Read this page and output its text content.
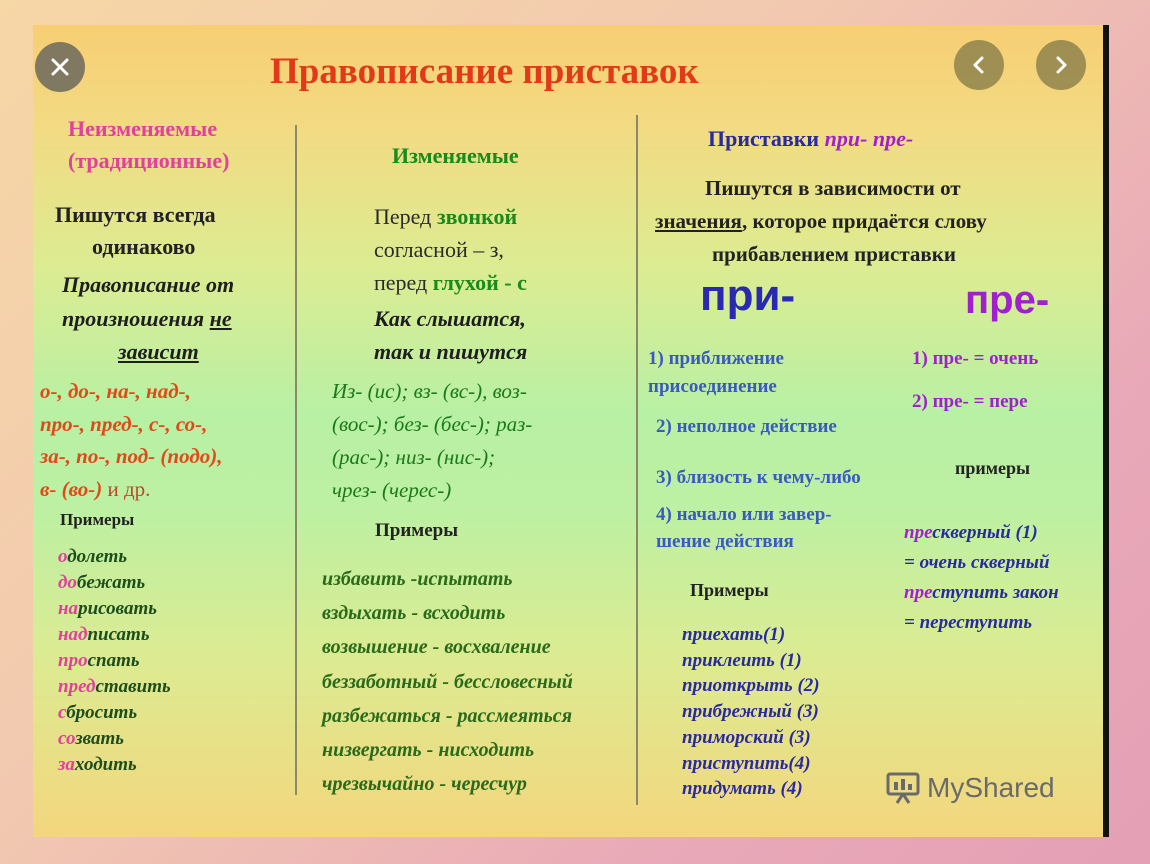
Правописание приставок
Неизменяемые
(традиционные)
Пишутся всегда
одинаково
Правописание от
произношения не
зависит
о-, до-, на-, над-,
про-, пред-, с-, со-,
за-, по-, под- (подо),
в- (во-) и др.
Примеры
одолеть
добежать
нарисовать
надписать
проспать
представить
сбросить
созвать
заходить
Изменяемые
Перед звонкой
согласной – з,
перед глухой - с
Как слышатся,
так и пишутся
Из- (ис); вз- (вс-), воз-
(вос-); без- (бес-); раз-
(рас-); низ- (нис-);
чрез- (черес-)
Примеры
избавить -испытать
вздыхать - всходить
возвышение - восхваление
беззаботный - бессловесный
разбежаться - рассмеяться
низвергать - нисходить
чрезвычайно - чересчур
Приставки при- пре-
Пишутся в зависимости от
значения, которое придаётся слову
прибавлением приставки
при-	пре-
1) приближение
присоединение
2) неполное действие
3) близость к чему-либо
4) начало или завер-
шение действия
1) пре- = очень
2) пре- = пере
примеры
прескверный (1)
= очень скверный
преступить закон
= переступить
Примеры
приехать(1)
приклеить (1)
приоткрыть (2)
прибрежный (3)
приморский (3)
приступить(4)
придумать (4)	MyShared
